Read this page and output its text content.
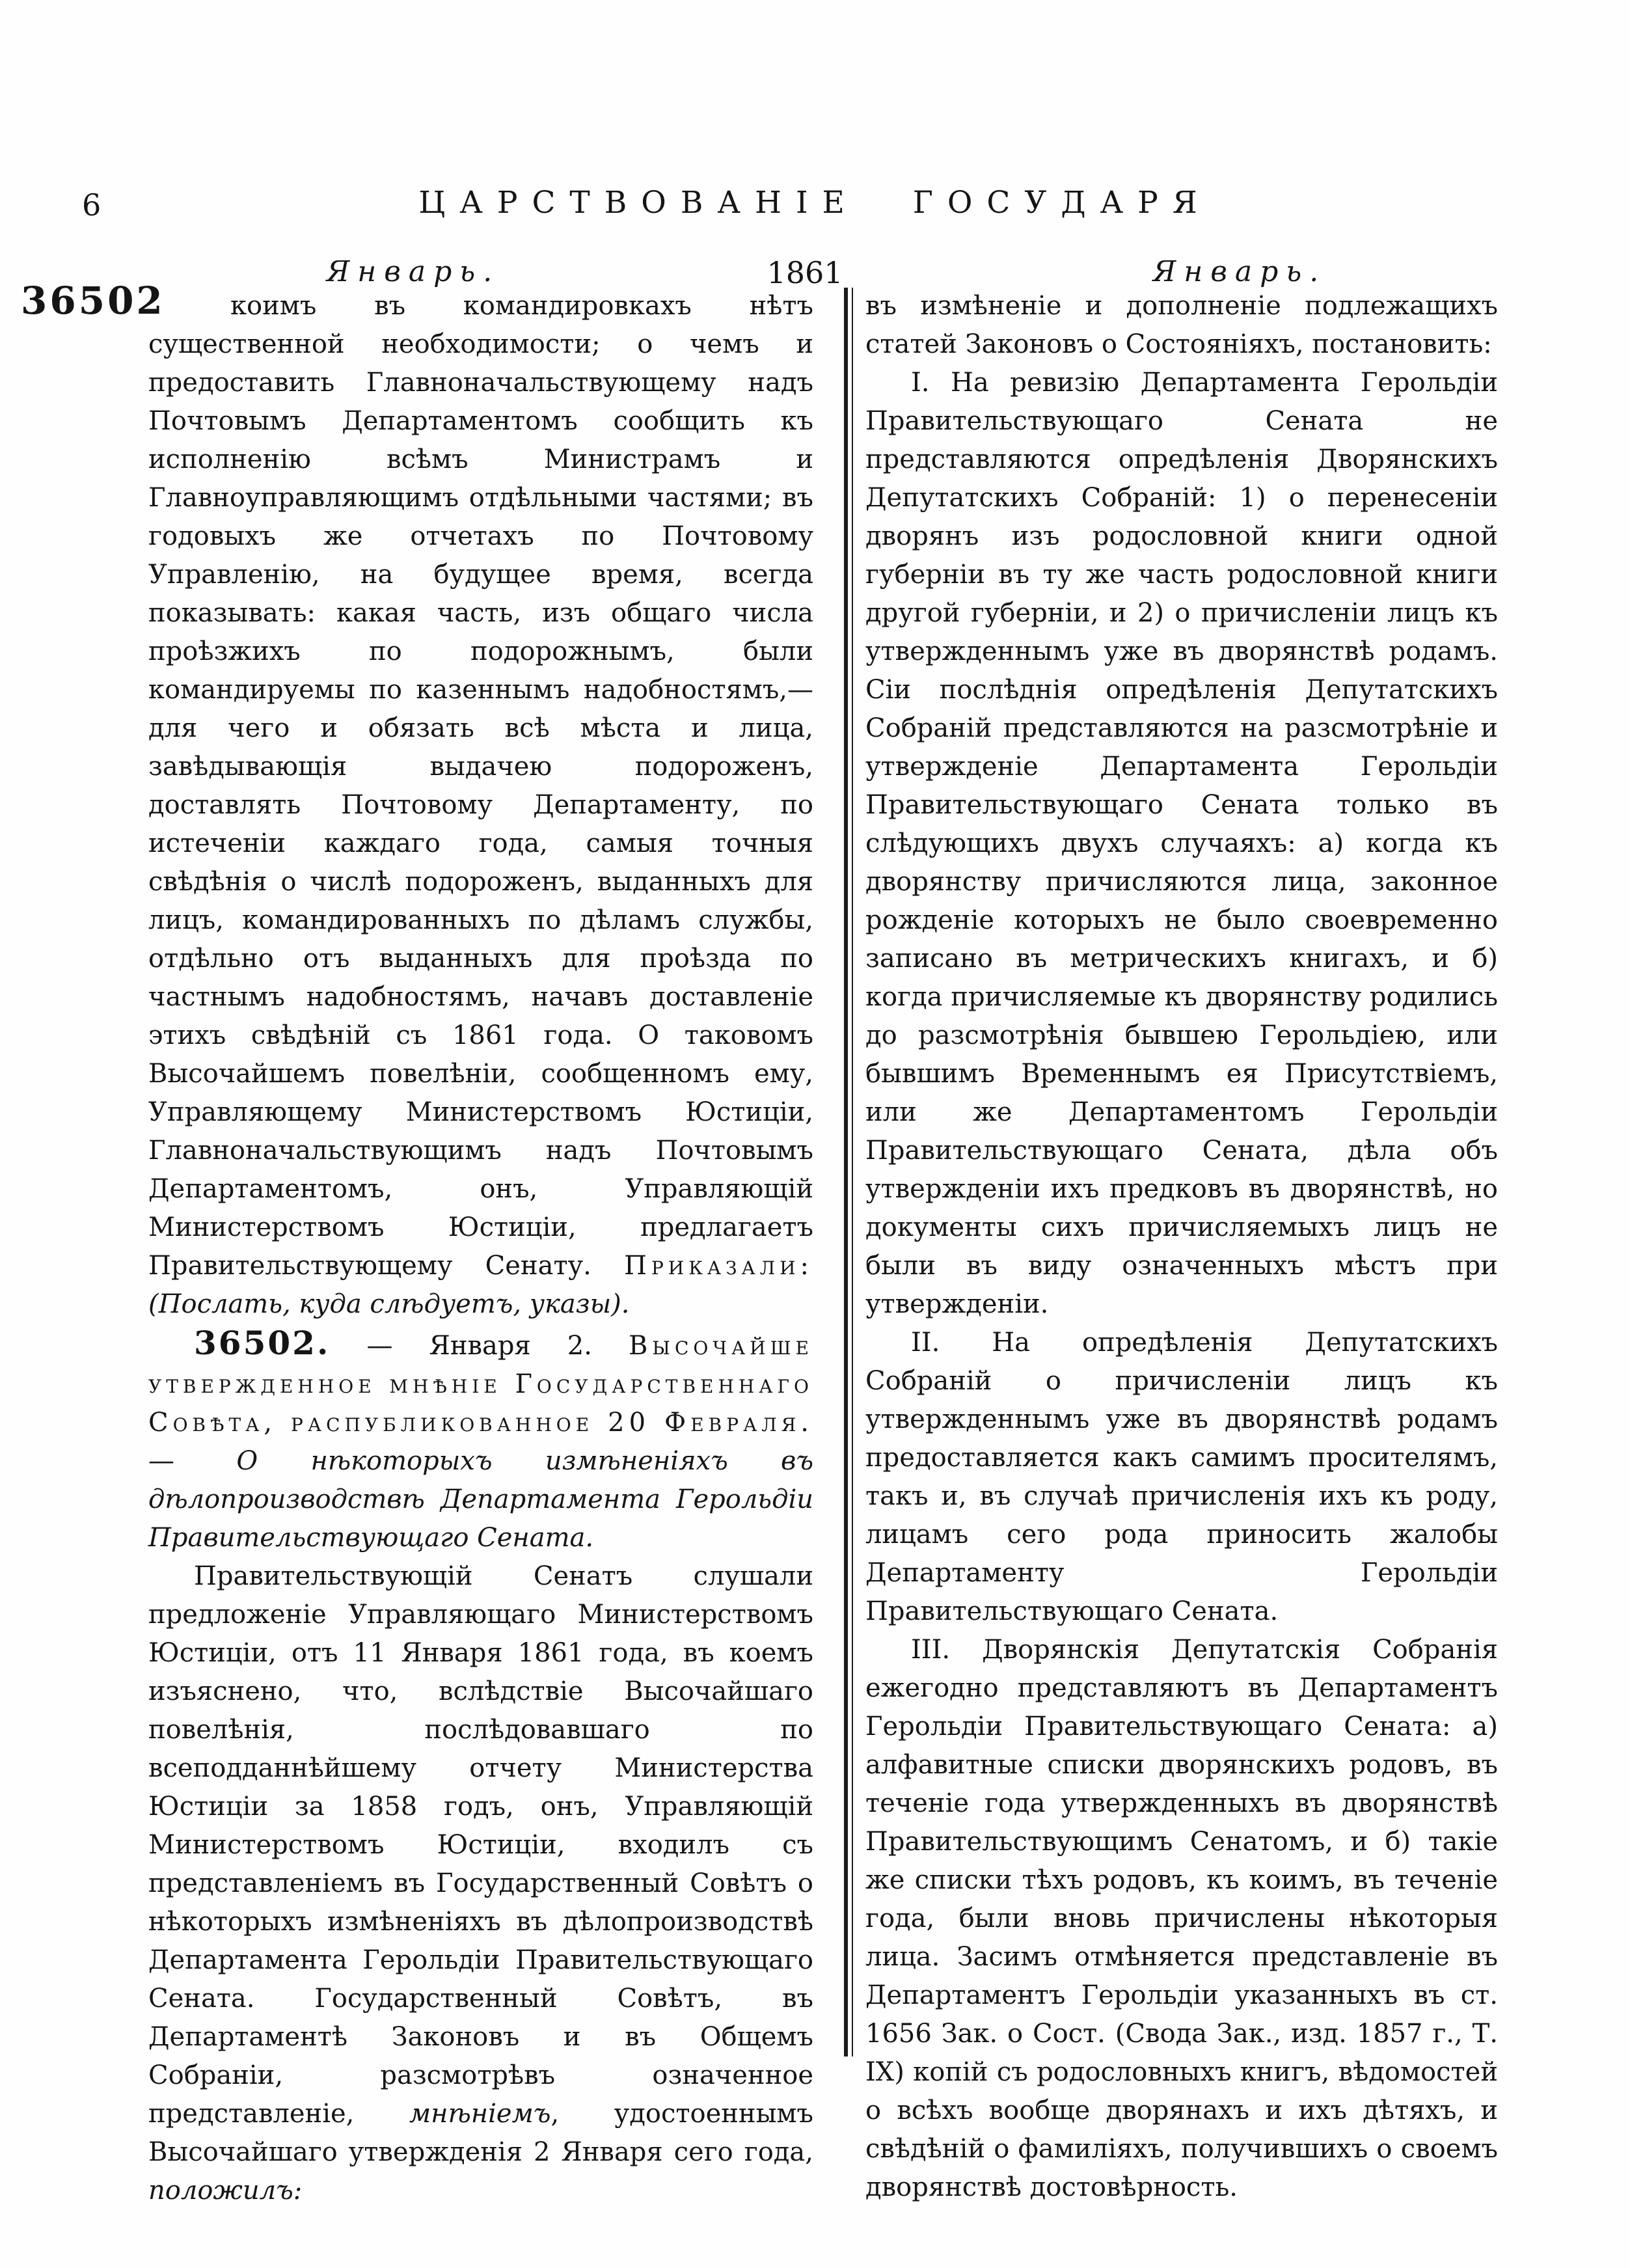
6	ЦАРСТВОВАНІЕ ГОСУДАРЯ
Январь.	1861	Январь.
36502	коимъ въ командировкахъ нѣтъ существенной необходимости; о чемъ и предоставить Главноначальствующему надъ Почтовымъ Департаментомъ сообщить къ исполненію всѣмъ Министрамъ и Главноуправляющимъ отдѣльными частями; въ годовыхъ же отчетахъ по Почтовому Управленію, на будущее время, всегда показывать: какая часть, изъ общаго числа проѣзжихъ по подорожнымъ, были командируемы по казеннымъ надобностямъ,—для чего и обязать всѣ мѣста и лица, завѣдывающія выдачею подороженъ, доставлять Почтовому Департаменту, по истеченіи каждаго года, самыя точныя свѣдѣнія о числѣ подороженъ, выданныхъ для лицъ, командированныхъ по дѣламъ службы, отдѣльно отъ выданныхъ для проѣзда по частнымъ надобностямъ, начавъ доставленіе этихъ свѣдѣній съ 1861 года. О таковомъ Высочайшемъ повелѣніи, сообщенномъ ему, Управляющему Министерствомъ Юстиціи, Главноначальствующимъ надъ Почтовымъ Департаментомъ, онъ, Управляющій Министерствомъ Юстиціи, предлагаетъ Правительствующему Сенату. Приказали: (Послать, куда слѣдуетъ, указы).

36502. — Января 2. Высочайше утвержденное мнѣніе Государственнаго Совѣта, распубликованное 20 Февраля.— О нѣкоторыхъ измѣненіяхъ въ дѣлопроизводствѣ Департамента Герольдіи Правительствующаго Сената.

Правительствующій Сенатъ слушали предложеніе Управляющаго Министерствомъ Юстиціи, отъ 11 Января 1861 года, въ коемъ изъяснено, что, вслѣдствіе Высочайшаго повелѣнія, послѣдовавшаго по всеподданнѣйшему отчету Министерства Юстиціи за 1858 годъ, онъ, Управляющій Министерствомъ Юстиціи, входилъ съ представленіемъ въ Государственный Совѣтъ о нѣкоторыхъ измѣненіяхъ въ дѣлопроизводствѣ Департамента Герольдіи Правительствующаго Сената. Государственный Совѣтъ, въ Департаментѣ Законовъ и въ Общемъ Собраніи, разсмотрѣвъ означенное представленіе, мнѣніемъ, удостоеннымъ Высочайшаго утвержденія 2 Января сего года, положилъ:

въ измѣненіе и дополненіе подлежащихъ статей Законовъ о Состояніяхъ, постановить:

I. На ревизію Департамента Герольдіи Правительствующаго Сената не представляются опредѣленія Дворянскихъ Депутатскихъ Собраній: 1) о перенесеніи дворянъ изъ родословной книги одной губерніи въ ту же часть родословной книги другой губерніи, и 2) о причисленіи лицъ къ утвержденнымъ уже въ дворянствѣ родамъ. Сіи послѣднія опредѣленія Депутатскихъ Собраній представляются на разсмотрѣніе и утвержденіе Департамента Герольдіи Правительствующаго Сената только въ слѣдующихъ двухъ случаяхъ: а) когда къ дворянству причисляются лица, законное рожденіе которыхъ не было своевременно записано въ метрическихъ книгахъ, и б) когда причисляемые къ дворянству родились до разсмотрѣнія бывшею Герольдіею, или бывшимъ Временнымъ ея Присутствіемъ, или же Департаментомъ Герольдіи Правительствующаго Сената, дѣла объ утвержденіи ихъ предковъ въ дворянствѣ, но документы сихъ причисляемыхъ лицъ не были въ виду означенныхъ мѣстъ при утвержденіи.

II. На опредѣленія Депутатскихъ Собраній о причисленіи лицъ къ утвержденнымъ уже въ дворянствѣ родамъ предоставляется какъ самимъ просителямъ, такъ и, въ случаѣ причисленія ихъ къ роду, лицамъ сего рода приносить жалобы Департаменту Герольдіи Правительствующаго Сената.

III. Дворянскія Депутатскія Собранія ежегодно представляютъ въ Департаментъ Герольдіи Правительствующаго Сената: а) алфавитные списки дворянскихъ родовъ, въ теченіе года утвержденныхъ въ дворянствѣ Правительствующимъ Сенатомъ, и б) такіе же списки тѣхъ родовъ, къ коимъ, въ теченіе года, были вновь причислены нѣкоторыя лица. Засимъ отмѣняется представленіе въ Департаментъ Герольдіи указанныхъ въ ст. 1656 Зак. о Сост. (Свода Зак., изд. 1857 г., Т. IX) копій съ родословныхъ книгъ, вѣдомостей о всѣхъ вообще дворянахъ и ихъ дѣтяхъ, и свѣдѣній о фамиліяхъ, получившихъ о своемъ дворянствѣ достовѣрность.
